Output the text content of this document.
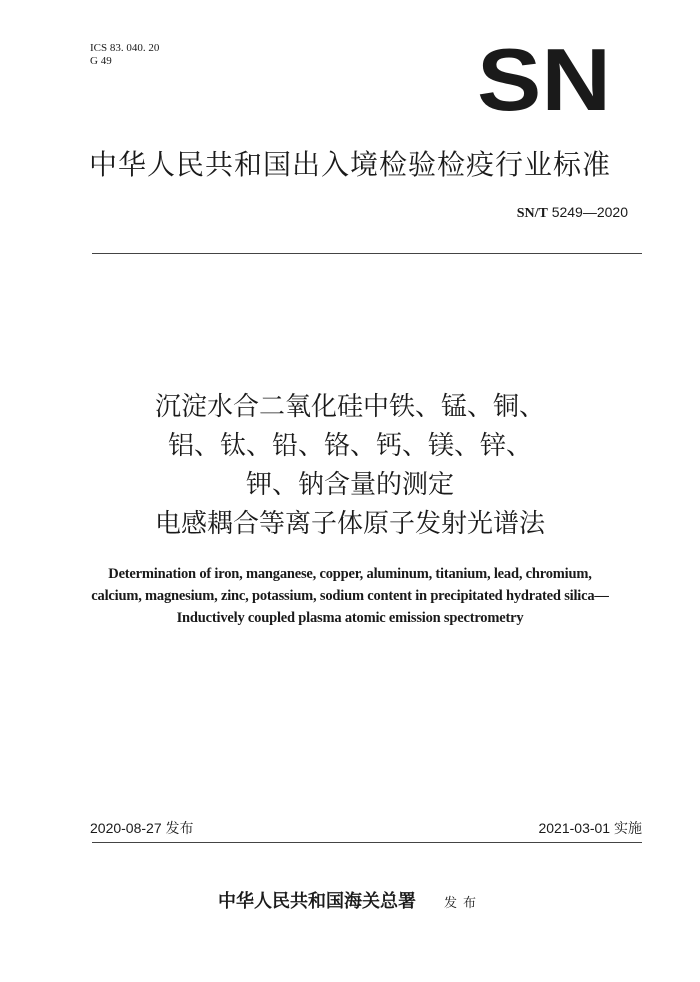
ICS 83. 040. 20
G 49	SN
中华人民共和国出入境检验检疫行业标准
SN/T 5249—2020
沉淀水合二氧化硅中铁、锰、铜、
铝、钛、铅、铬、钙、镁、锌、
钾、钠含量的测定
电感耦合等离子体原子发射光谱法
Determination of iron, manganese, copper, aluminum, titanium, lead, chromium,
calcium, magnesium, zinc, potassium, sodium content in precipitated hydrated silica—
Inductively coupled plasma atomic emission spectrometry
2020-08-27 发布	2021-03-01 实施
中华人民共和国海关总署 发布
